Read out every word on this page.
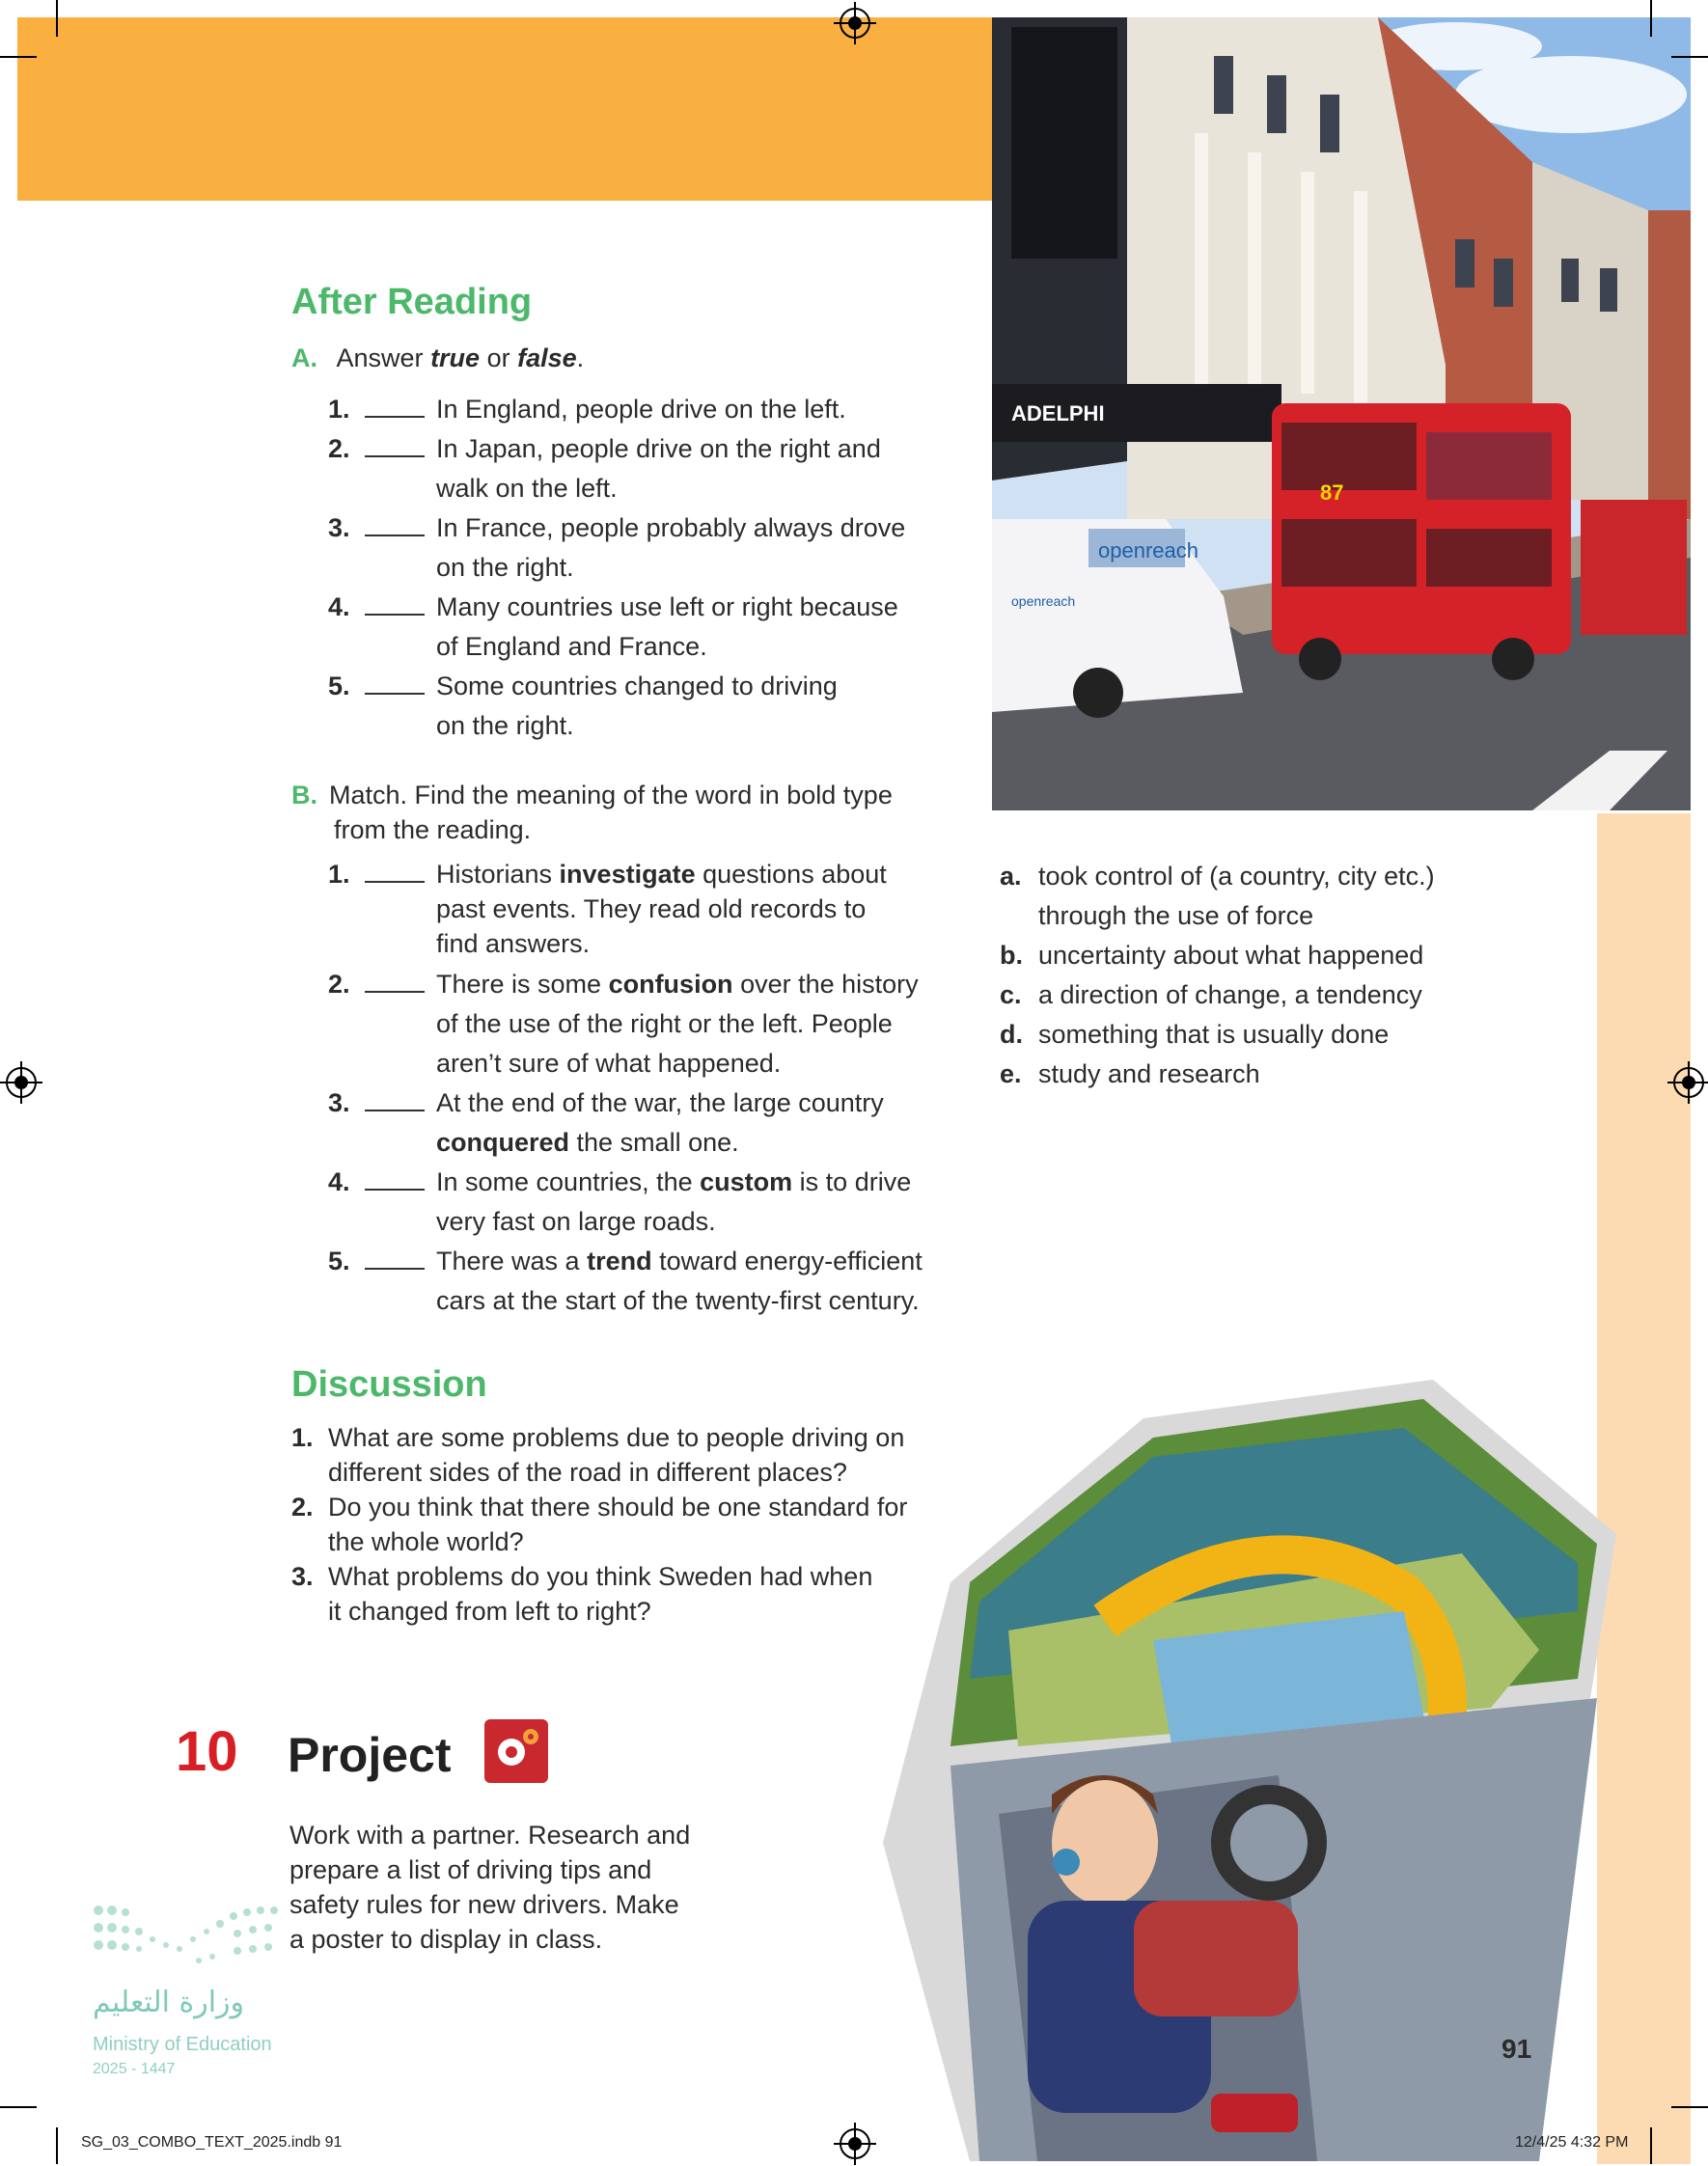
ADELPHI
openreach
openreach
87
After Reading
A. Answer true or false.
1.	In England, people drive on the left.
2.	In Japan, people drive on the right and
walk on the left.
3.	In France, people probably always drove
on the right.
4.	Many countries use left or right because
of England and France.
5.	Some countries changed to driving
on the right.
B. Match. Find the meaning of the word in bold type
from the reading.
1.	Historians investigate questions about
past events. They read old records to
find answers.
2.	There is some confusion over the history
of the use of the right or the left. People
aren’t sure of what happened.
3.	At the end of the war, the large country
conquered the small one.
4.	In some countries, the custom is to drive
very fast on large roads.
5.	There was a trend toward energy-efficient
cars at the start of the twenty-first century.
a. took control of (a country, city etc.)
through the use of force
b. uncertainty about what happened
c. a direction of change, a tendency
d. something that is usually done
e. study and research
Discussion
1. What are some problems due to people driving on
different sides of the road in different places?
2. Do you think that there should be one standard for
the whole world?
3. What problems do you think Sweden had when
it changed from left to right?
10 Project
Work with a partner. Research and
prepare a list of driving tips and
safety rules for new drivers. Make
a poster to display in class.
وزارة التعليم
Ministry of Education
2025 - 1447
91
SG_03_COMBO_TEXT_2025.indb 91	12/4/25 4:32 PM
